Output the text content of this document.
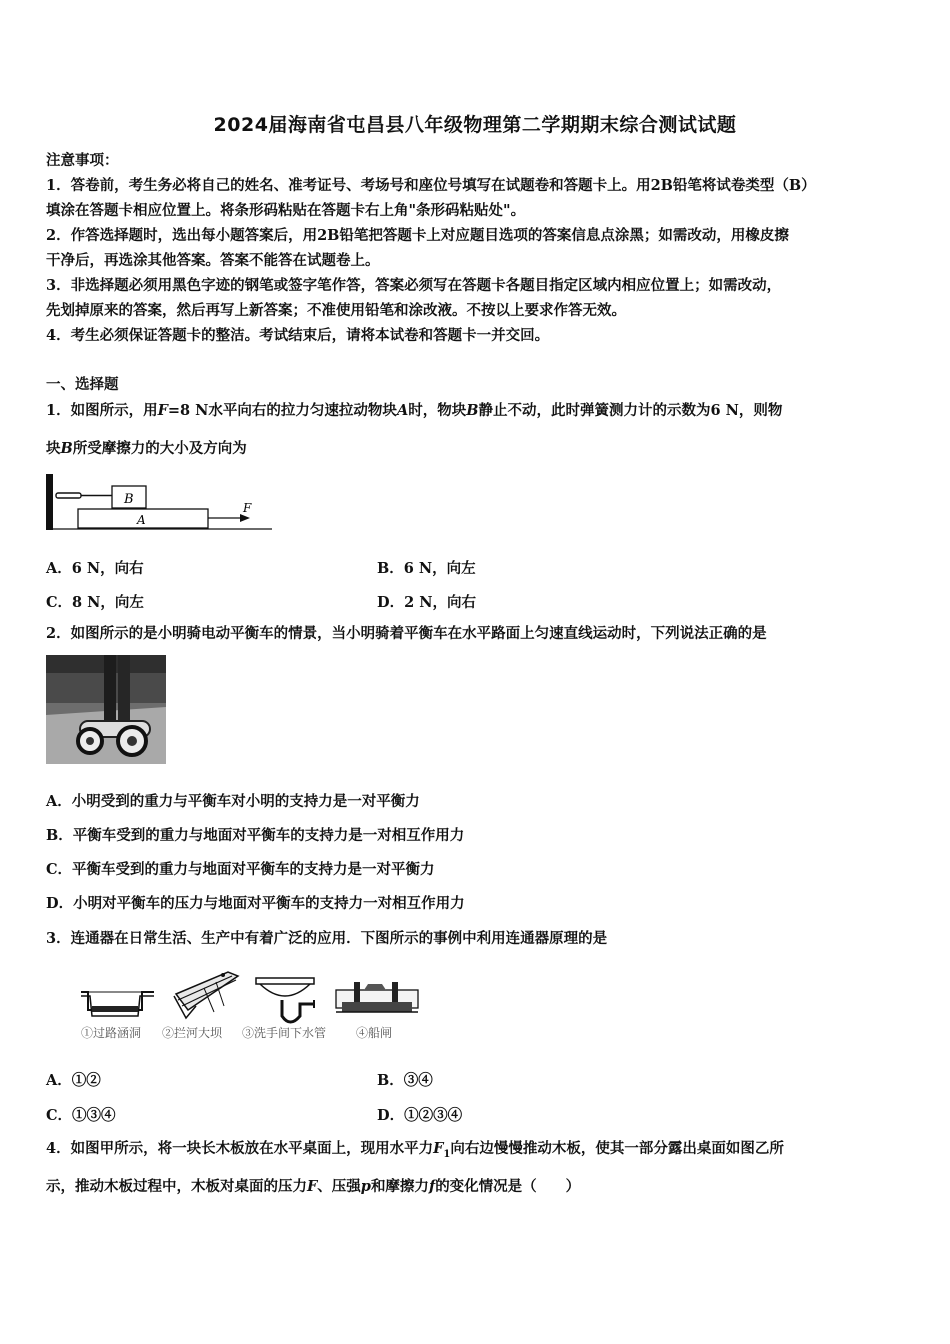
2024届海南省屯昌县八年级物理第二学期期末综合测试试题
注意事项：
1．答卷前，考生务必将自己的姓名、准考证号、考场号和座位号填写在试题卷和答题卡上。用2B铅笔将试卷类型（B）
填涂在答题卡相应位置上。将条形码粘贴在答题卡右上角"条形码粘贴处"。
2．作答选择题时，选出每小题答案后，用2B铅笔把答题卡上对应题目选项的答案信息点涂黑；如需改动，用橡皮擦
干净后，再选涂其他答案。答案不能答在试题卷上。
3．非选择题必须用黑色字迹的钢笔或签字笔作答，答案必须写在答题卡各题目指定区域内相应位置上；如需改动，
先划掉原来的答案，然后再写上新答案；不准使用铅笔和涂改液。不按以上要求作答无效。
4．考生必须保证答题卡的整洁。考试结束后，请将本试卷和答题卡一并交回。
一、选择题
1．如图所示，用F=8 N水平向右的拉力匀速拉动物块A时，物块B静止不动，此时弹簧测力计的示数为6 N，则物
块B所受摩擦力的大小及方向为
B
A
F
A．6 N，向右	B．6 N，向左
C．8 N，向左	D．2 N，向右
2．如图所示的是小明骑电动平衡车的情景，当小明骑着平衡车在水平路面上匀速直线运动时，下列说法正确的是
A．小明受到的重力与平衡车对小明的支持力是一对平衡力
B．平衡车受到的重力与地面对平衡车的支持力是一对相互作用力
C．平衡车受到的重力与地面对平衡车的支持力是一对平衡力
D．小明对平衡车的压力与地面对平衡车的支持力一对相互作用力
3．连通器在日常生活、生产中有着广泛的应用．下图所示的事例中利用连通器原理的是
①过路涵洞 ②拦河大坝 ③洗手间下水管 ④船闸
A．①②	B．③④
C．①③④	D．①②③④
4．如图甲所示，将一块长木板放在水平桌面上，现用水平力$F_1$向右边慢慢推动木板，使其一部分露出桌面如图乙所
示，推动木板过程中，木板对桌面的压力F、压强p和摩擦力f的变化情况是（　　）
